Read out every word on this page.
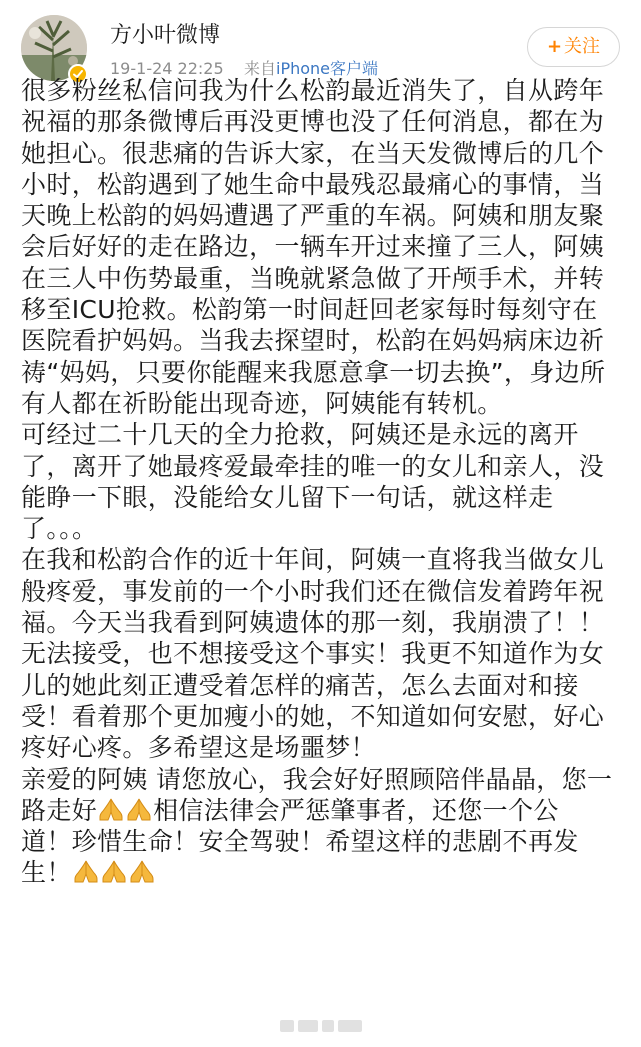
方小叶微博
19-1-24 22:25 来自iPhone客户端
+ 关注
很多粉丝私信问我为什么松韵最近消失了，自从跨年
祝福的那条微博后再没更博也没了任何消息，都在为
她担心。很悲痛的告诉大家，在当天发微博后的几个
小时，松韵遇到了她生命中最残忍最痛心的事情，当
天晚上松韵的妈妈遭遇了严重的车祸。阿姨和朋友聚
会后好好的走在路边，一辆车开过来撞了三人，阿姨
在三人中伤势最重，当晚就紧急做了开颅手术，并转
移至ICU抢救。松韵第一时间赶回老家每时每刻守在
医院看护妈妈。当我去探望时，松韵在妈妈病床边祈
祷“妈妈，只要你能醒来我愿意拿一切去换”，身边所
有人都在祈盼能出现奇迹，阿姨能有转机。
可经过二十几天的全力抢救，阿姨还是永远的离开
了，离开了她最疼爱最牵挂的唯一的女儿和亲人，没
能睁一下眼，没能给女儿留下一句话，就这样走
了。。。
在我和松韵合作的近十年间，阿姨一直将我当做女儿
般疼爱，事发前的一个小时我们还在微信发着跨年祝
福。今天当我看到阿姨遗体的那一刻，我崩溃了！！
无法接受，也不想接受这个事实！我更不知道作为女
儿的她此刻正遭受着怎样的痛苦，怎么去面对和接
受！看着那个更加瘦小的她，不知道如何安慰，好心
疼好心疼。多希望这是场噩梦！
亲爱的阿姨 请您放心，我会好好照顾陪伴晶晶，您一
路走好 相信法律会严惩肇事者，还您一个公
道！珍惜生命！安全驾驶！希望这样的悲剧不再发
生！
